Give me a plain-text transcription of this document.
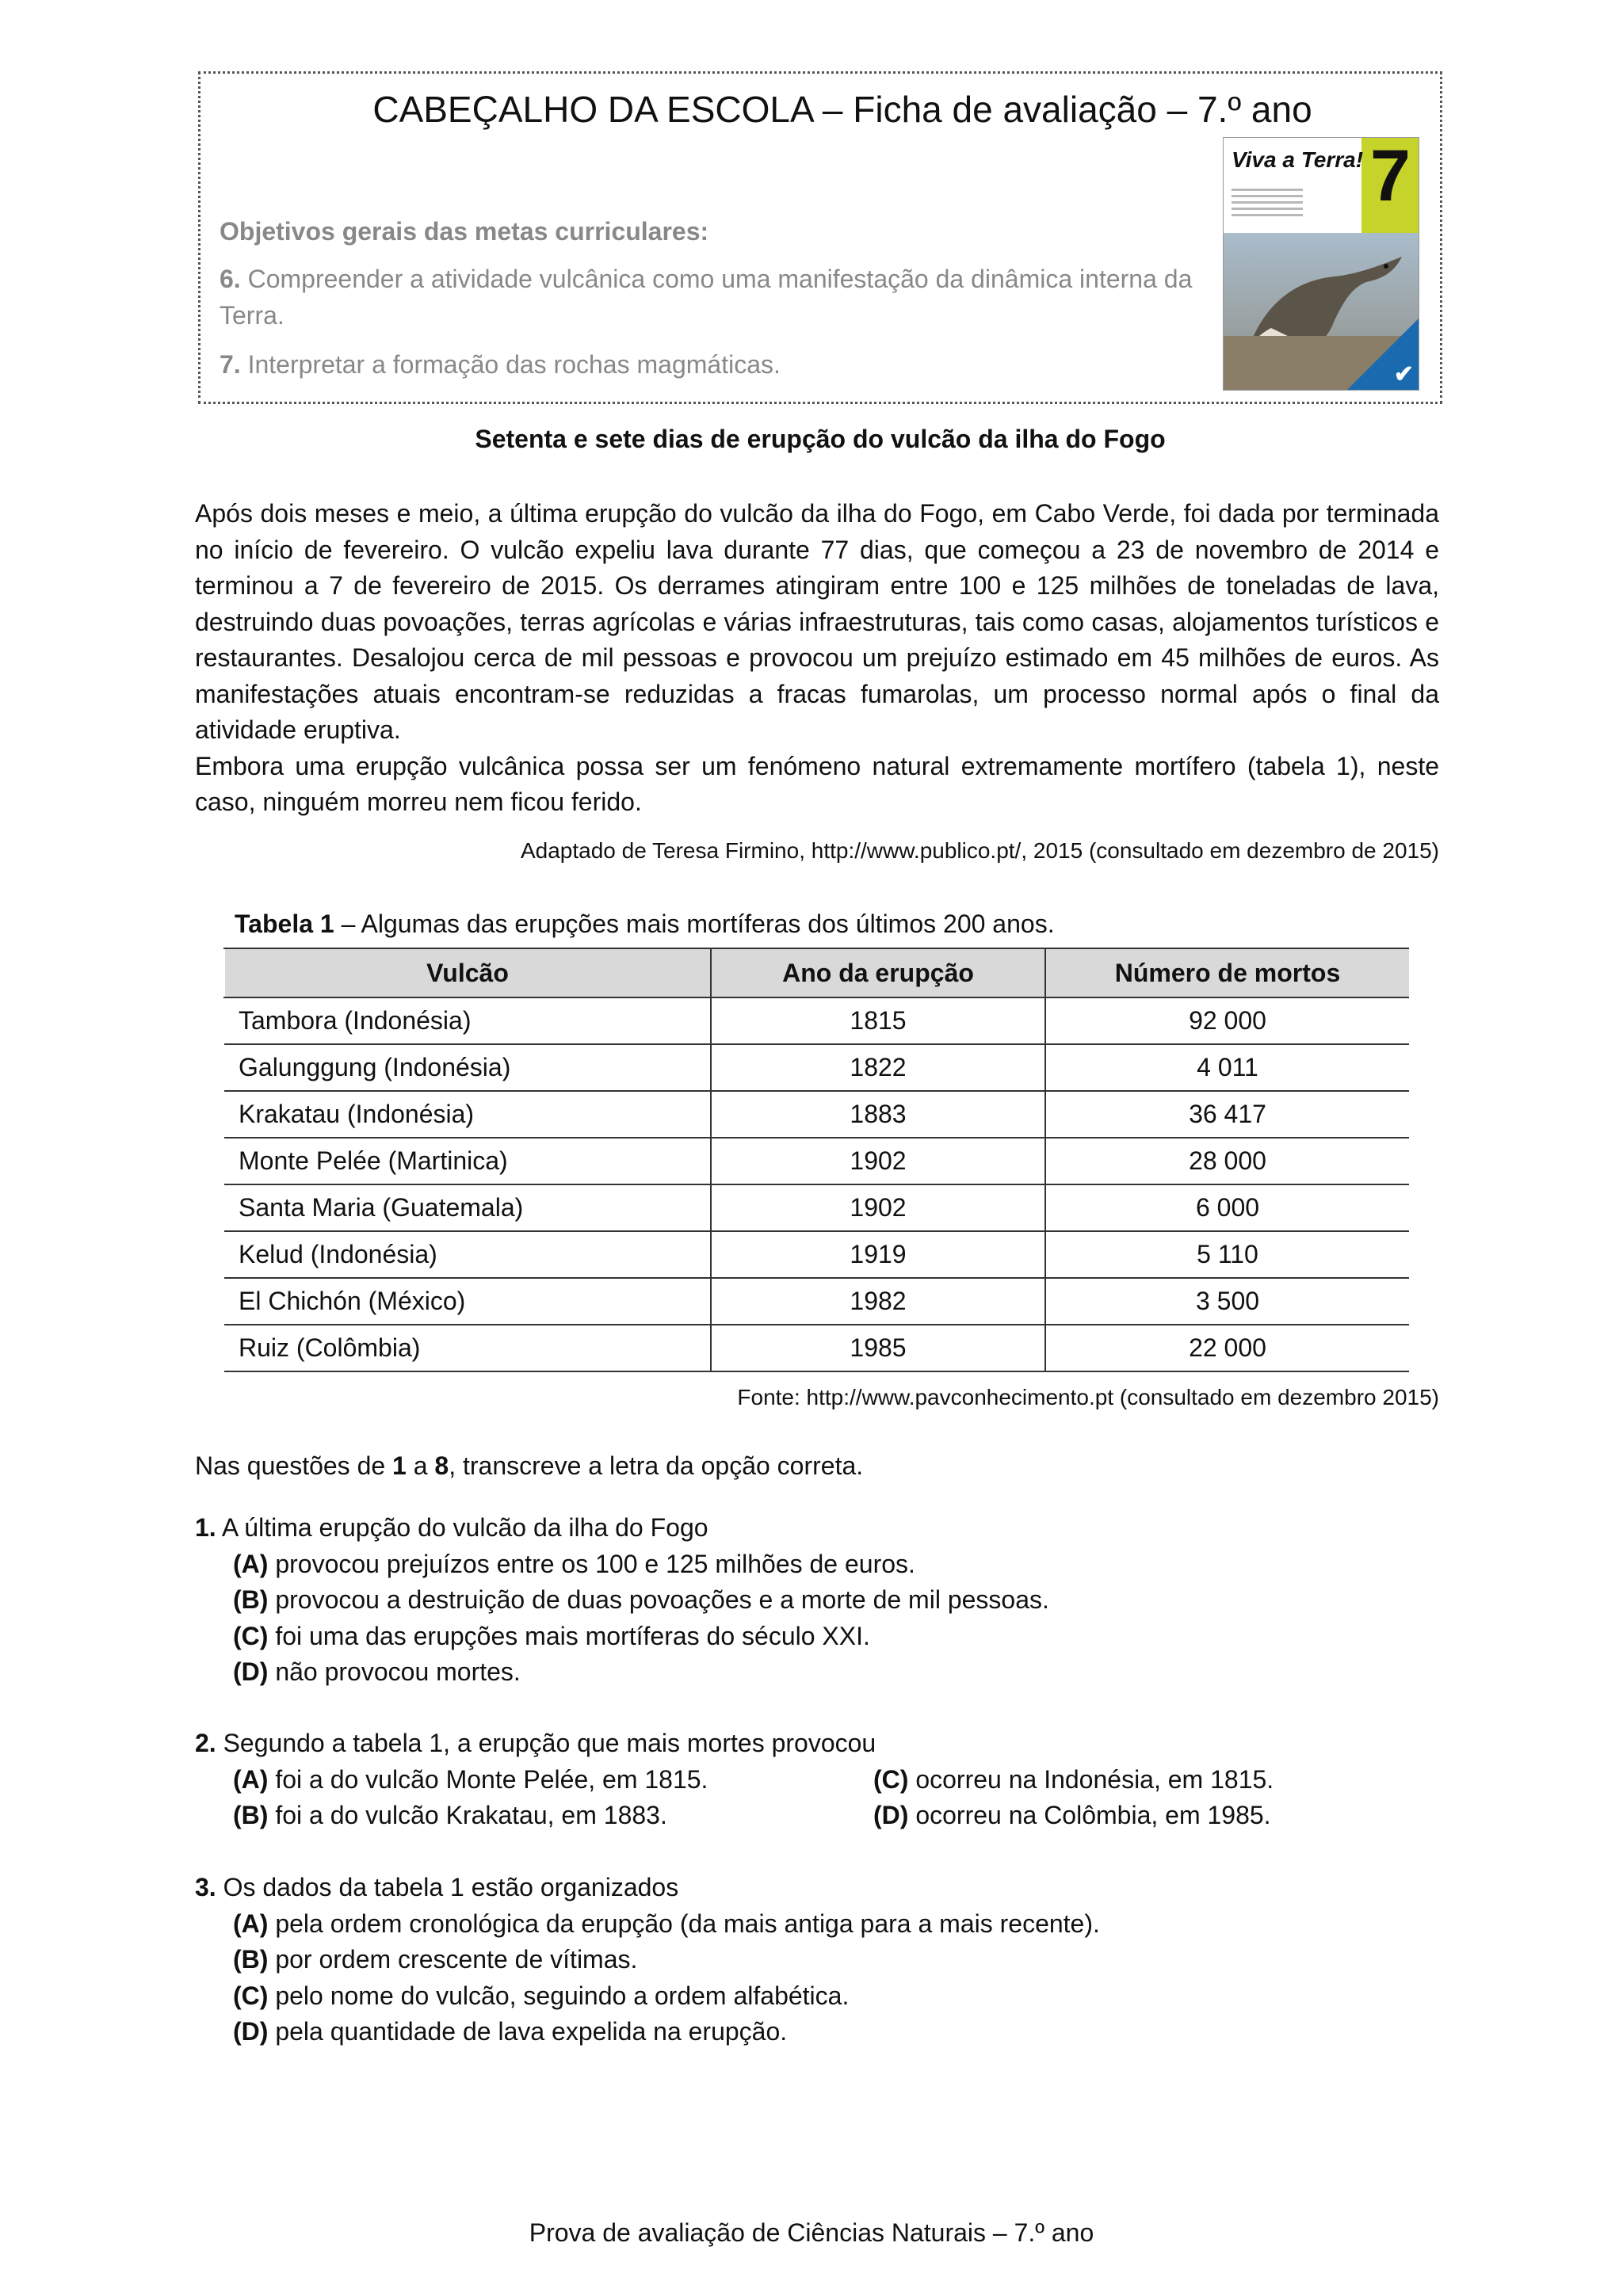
CABEÇALHO DA ESCOLA – Ficha de avaliação – 7.º ano
Objetivos gerais das metas curriculares:
6. Compreender a atividade vulcânica como uma manifestação da dinâmica interna da Terra.
7. Interpretar a formação das rochas magmáticas.
7
Viva a Terra!
✔
Setenta e sete dias de erupção do vulcão da ilha do Fogo

Após dois meses e meio, a última erupção do vulcão da ilha do Fogo, em Cabo Verde, foi dada por terminada no início de fevereiro. O vulcão expeliu lava durante 77 dias, que começou a 23 de novembro de 2014 e terminou a 7 de fevereiro de 2015. Os derrames atingiram entre 100 e 125 milhões de toneladas de lava, destruindo duas povoações, terras agrícolas e várias infraestruturas, tais como casas, alojamentos turísticos e restaurantes. Desalojou cerca de mil pessoas e provocou um prejuízo estimado em 45 milhões de euros. As manifestações atuais encontram-se reduzidas a fracas fumarolas, um processo normal após o final da atividade eruptiva.

Embora uma erupção vulcânica possa ser um fenómeno natural extremamente mortífero (tabela 1), neste caso, ninguém morreu nem ficou ferido.

Adaptado de Teresa Firmino, http://www.publico.pt/, 2015 (consultado em dezembro de 2015)
Tabela 1 – Algumas das erupções mais mortíferas dos últimos 200 anos.
Vulcão	Ano da erupção	Número de mortos
Tambora (Indonésia)	1815	92 000
Galunggung (Indonésia)	1822	4 011
Krakatau (Indonésia)	1883	36 417
Monte Pelée (Martinica)	1902	28 000
Santa Maria (Guatemala)	1902	6 000
Kelud (Indonésia)	1919	5 110
El Chichón (México)	1982	3 500
Ruiz (Colômbia)	1985	22 000
Fonte: http://www.pavconhecimento.pt (consultado em dezembro 2015)
Nas questões de 1 a 8, transcreve a letra da opção correta.
1. A última erupção do vulcão da ilha do Fogo
(A) provocou prejuízos entre os 100 e 125 milhões de euros.
(B) provocou a destruição de duas povoações e a morte de mil pessoas.
(C) foi uma das erupções mais mortíferas do século XXI.
(D) não provocou mortes.
2. Segundo a tabela 1, a erupção que mais mortes provocou
(A) foi a do vulcão Monte Pelée, em 1815.	(C) ocorreu na Indonésia, em 1815.
(B) foi a do vulcão Krakatau, em 1883.	(D) ocorreu na Colômbia, em 1985.
3. Os dados da tabela 1 estão organizados
(A) pela ordem cronológica da erupção (da mais antiga para a mais recente).
(B) por ordem crescente de vítimas.
(C) pelo nome do vulcão, seguindo a ordem alfabética.
(D) pela quantidade de lava expelida na erupção.
Prova de avaliação de Ciências Naturais – 7.º ano
